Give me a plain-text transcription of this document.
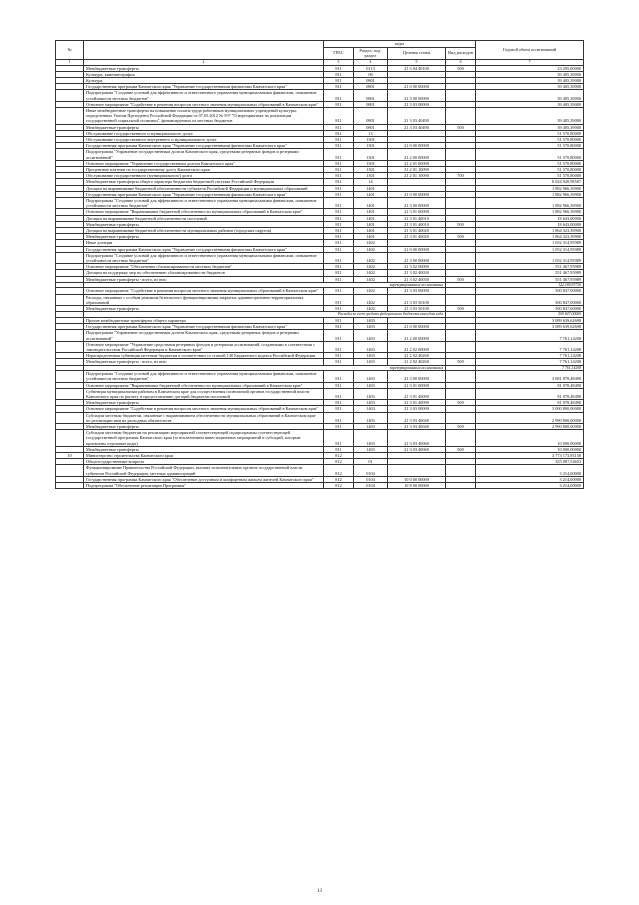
№		коды				Годовой объем ассигнований
		ГРБС	Раздел, под-раздел	Целевая статья	Вид расходов	
1	2	3	4	5	6	7
	Межбюджетные трансферты	811	0113	21 3 04 40100	500	23 295,00000
	Культура, кинематография	811	08			39 405,39000
	Культура	811	0801			39 405,39000
	Государственная программа Камчатского края "Управление государственными финансами Камчатского края"	811	0801	21 0 00 00000		39 405,39000
	Подпрограмма "Создание условий для эффективного и ответственного управления муниципальными финансами, повышение устойчивости местных бюджетов"	811	0801	21 3 00 00000		39 405,39000
	Основное мероприятие "Содействие в решении вопросов местного значения муниципальных образований в Камчатском крае"	811	0801	21 3 03 00000		39 405,39000
	Иные межбюджетные трансферты на повышение оплаты труда работников муниципальных учреждений культуры, определенных Указом Президента Российской Федерации от 07.05.2012 № 597 "О мероприятиях по реализации государственной социальной политики", финансируемых из местных бюджетов	811	0801	21 3 03 40490		39 405,39000
	Межбюджетные трансферты	811	0801	21 3 03 40490	500	39 405,39000
	Обслуживание государственного и муниципального долга	811	13			51 570,80000
	Обслуживание государственного внутреннего и муниципального долга	811	1301			51 570,80000
	Государственная программа Камчатского края "Управление государственными финансами Камчатского края"	811	1301	21 0 00 00000		51 570,80000
	Подпрограмма "Управление государственным долгом Камчатского края, средствами резервных фондов и резервами ассигнований"	811	1301	21 2 00 00000		51 570,80000
	Основное мероприятие "Управление государственным долгом Камчатского края"	811	1301	21 2 01 00000		51 570,80000
	Процентные платежи по государственному долгу Камчатского края	811	1301	21 2 01 10090		51 570,80000
	Обслуживание государственного (муниципального) долга	811	1301	21 2 01 10090	700	51 570,80000
	Межбюджетные трансферты общего характера бюджетам бюджетной системы Российской Федерации	811	14			6 024 920,98587
	Дотации на выравнивание бюджетной обеспеченности субъектов Российской Федерации и муниципальных образований	811	1401			1 882 966,39900
	Государственная программа Камчатского края "Управление государственными финансами Камчатского края"	811	1401	21 0 00 00000		1 882 966,39900
	Подпрограмма "Создание условий для эффективного и ответственного управления муниципальными финансами, повышение устойчивости местных бюджетов"	811	1401	21 3 00 00000		1 882 966,39900
	Основное мероприятие "Выравнивание бюджетной обеспеченности муниципальных образований в Камчатском крае"	811	1401	21 3 01 00000		1 882 966,39900
	Дотации на выравнивание бюджетной обеспеченности поселений	811	1401	21 3 01 40010		18 643,00000
	Межбюджетные трансферты	811	1401	21 3 01 40010	500	18 643,00000
	Дотации на выравнивание бюджетной обеспеченности муниципальных районов (городских округов)	811	1401	21 3 01 40020		1 864 323,39900
	Межбюджетные трансферты	811	1401	21 3 01 40020	500	1 864 323,39900
	Иные дотации	811	1402			1 052 314,95989
	Государственная программа Камчатского края "Управление государственными финансами Камчатского края"	811	1402	21 0 00 00000		1 052 314,95989
	Подпрограмма "Создание условий для эффективного и ответственного управления муниципальными финансами, повышение устойчивости местных бюджетов"	811	1402	21 3 00 00000		1 052 314,95989
	Основное мероприятие "Обеспечение сбалансированности местных бюджетов"	811	1402	21 3 02 00000		551 467,95989
	Дотации на поддержку мер по обеспечению сбалансированности бюджетов	811	1402	21 3 02 40030		551 467,95989
	Межбюджетные трансферты - всего, из них:	811	1402	21 3 02 40030	500	551 467,95989
	зарезервированные ассигнования					122 180,93736
	Основное мероприятие "Содействие в решении вопросов местного значения муниципальных образований в Камчатском крае"	811	1402	21 3 03 00000		500 847,00000
	Расходы, связанные с особым режимом безопасного функционирования закрытых административно-территориальных образований	811	1402	21 3 03 50100		500 847,00000
	Межбюджетные трансферты	811	1402	21 3 03 50100	500	500 847,00000
	Расходы за счет средств федерального бюджета внесудом года					500 847,00000
	Прочие межбюджетные трансферты общего характера	811	1403			3 089 639,62698
	Государственная программа Камчатского края "Управление государственными финансами Камчатского края"	811	1403	21 0 00 00000		3 089 639,62698
	Подпрограмма "Управление государственным долгом Камчатского края, средствами резервных фондов и резервами ассигнований"	811	1403	21 2 00 00000		7 761,14208
	Основное мероприятие "Управление средствами резервных фондов и резервами ассигнований, созданными в соответствии с законодательством Российской Федерации и Камчатского края"	811	1403	21 2 02 00000		7 761,14208
	Нераспределенная субвенция местным бюджетам в соответствии со статьей 140 Бюджетного кодекса Российской Федерации	811	1403	21 2 02 40260		7 761,14208
	Межбюджетные трансферты - всего, из них:	811	1403	21 2 02 40260	500	7 761,14208
	зарезервированные ассигнования					7 761,14208
	Подпрограмма "Создание условий для эффективного и ответственного управления муниципальными финансами, повышение устойчивости местных бюджетов"	811	1403	21 3 00 00000		3 081 878,48490
	Основное мероприятие "Выравнивание бюджетной обеспеченности муниципальных образований в Камчатском крае"	811	1403	21 3 01 00000		81 078,48490
	Субвенция муниципальным районам в Камчатском крае для осуществления полномочий органов государственной власти Камчатского края по расчету и предоставлению дотаций бюджетам поселений	811	1403	21 3 01 40090		81 078,48490
	Межбюджетные трансферты	811	1403	21 3 01 40090	500	81 078,48490
	Основное мероприятие "Содействие в решении вопросов местного значения муниципальных образований в Камчатском крае"	811	1403	21 3 03 00000		3 000 800,00000
	Субсидии местным бюджетам, связанные с выравниванием обеспеченности муниципальных образований в Камчатском крае по реализации ими их расходных обязательств	811	1403	21 3 03 40040		2 990 800,00000
	Межбюджетные трансферты	811	1403	21 3 03 40040	500	2 990 800,00000
	Субсидии местным бюджетам на реализацию мероприятий соответствующей подпрограммы соответствующей государственной программы Камчатского края (за исключением инвестиционных мероприятий и субсидий, которым присвоены отдельные коды)	811	1403	21 3 03 40060		10 000,00000
	Межбюджетные трансферты	811	1403	21 3 03 40060	500	10 000,00000
10	Министерство строительства Камчатского края	812				3 773 173,83158
	Общегосударственные вопросы	812	01			355 087,54653
	Функционирование Правительства Российской Федерации, высших исполнительных органов государственной власти субъектов Российской Федерации, местных администраций	812	0104			3 214,00000
	Государственная программа Камчатского края "Обеспечение доступным и комфортным жильем жителей Камчатского края"	812	0104	10 0 00 00000		3 214,00000
	Подпрограмма "Обеспечение реализации Программы"	812	0104	10 8 00 00000		3 214,00000
13
